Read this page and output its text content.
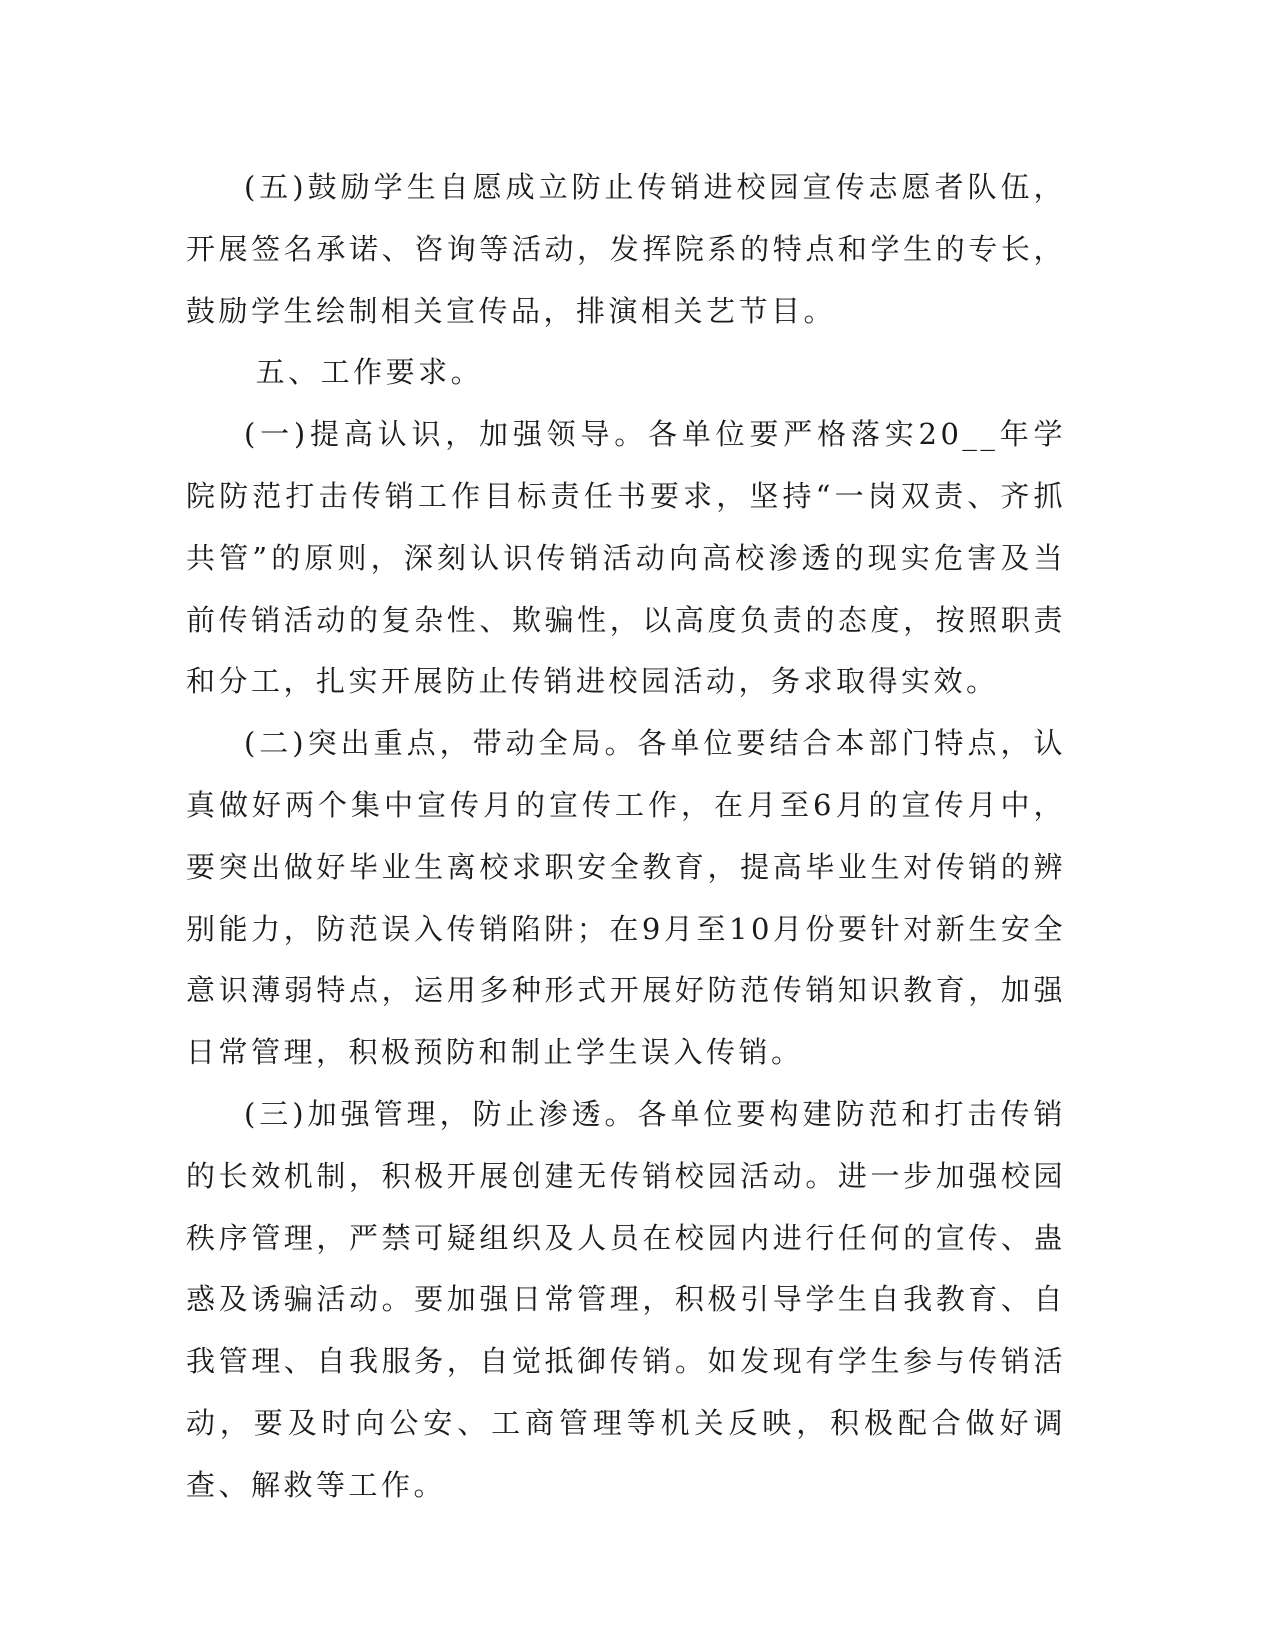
(五)鼓励学生自愿成立防止传销进校园宣传志愿者队伍，开展签名承诺、咨询等活动，发挥院系的特点和学生的专长，鼓励学生绘制相关宣传品，排演相关艺节目。

五、工作要求。

(一)提高认识，加强领导。各单位要严格落实20__年学院防范打击传销工作目标责任书要求，坚持“一岗双责、齐抓共管”的原则，深刻认识传销活动向高校渗透的现实危害及当前传销活动的复杂性、欺骗性，以高度负责的态度，按照职责和分工，扎实开展防止传销进校园活动，务求取得实效。

(二)突出重点，带动全局。各单位要结合本部门特点，认真做好两个集中宣传月的宣传工作，在月至6月的宣传月中，要突出做好毕业生离校求职安全教育，提高毕业生对传销的辨别能力，防范误入传销陷阱；在9月至10月份要针对新生安全意识薄弱特点，运用多种形式开展好防范传销知识教育，加强日常管理，积极预防和制止学生误入传销。

(三)加强管理，防止渗透。各单位要构建防范和打击传销的长效机制，积极开展创建无传销校园活动。进一步加强校园秩序管理，严禁可疑组织及人员在校园内进行任何的宣传、蛊惑及诱骗活动。要加强日常管理，积极引导学生自我教育、自我管理、自我服务，自觉抵御传销。如发现有学生参与传销活动，要及时向公安、工商管理等机关反映，积极配合做好调查、解救等工作。
